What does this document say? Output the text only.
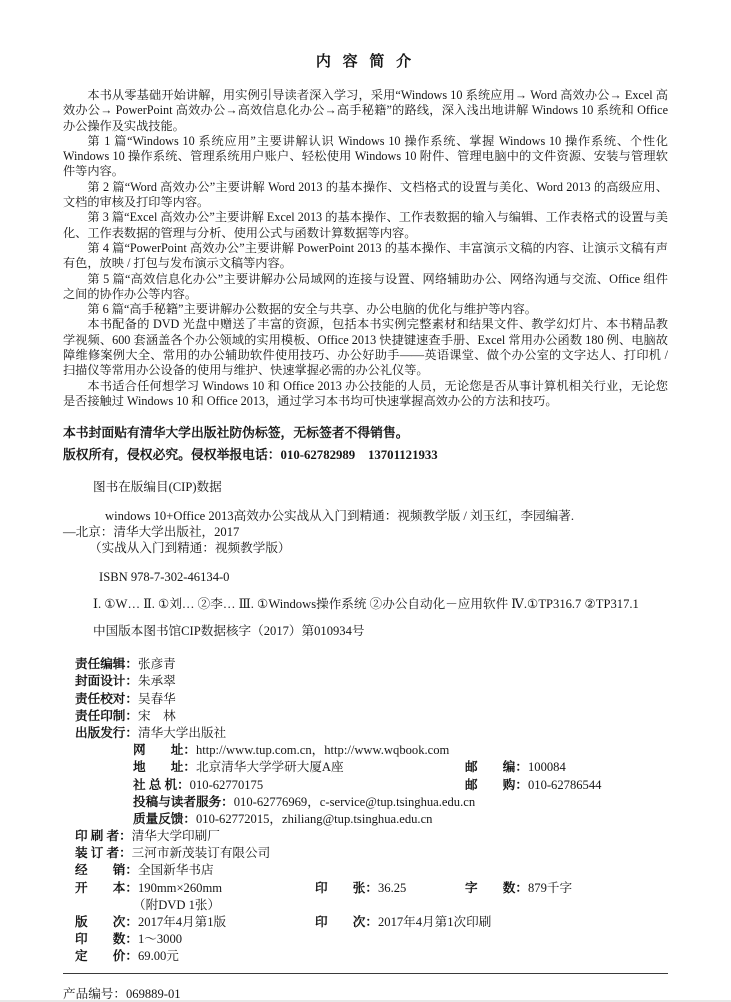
内 容 简 介

本书从零基础开始讲解，用实例引导读者深入学习，采用“Windows 10 系统应用→ Word 高效办公→ Excel 高效办公→ PowerPoint 高效办公→高效信息化办公→高手秘籍”的路线，深入浅出地讲解 Windows 10 系统和 Office 办公操作及实战技能。

第 1 篇“Windows 10 系统应用”主要讲解认识 Windows 10 操作系统、掌握 Windows 10 操作系统、个性化 Windows 10 操作系统、管理系统用户账户、轻松使用 Windows 10 附件、管理电脑中的文件资源、安装与管理软件等内容。

第 2 篇“Word 高效办公”主要讲解 Word 2013 的基本操作、文档格式的设置与美化、Word 2013 的高级应用、文档的审核及打印等内容。

第 3 篇“Excel 高效办公”主要讲解 Excel 2013 的基本操作、工作表数据的输入与编辑、工作表格式的设置与美化、工作表数据的管理与分析、使用公式与函数计算数据等内容。

第 4 篇“PowerPoint 高效办公”主要讲解 PowerPoint 2013 的基本操作、丰富演示文稿的内容、让演示文稿有声有色，放映 / 打包与发布演示文稿等内容。

第 5 篇“高效信息化办公”主要讲解办公局域网的连接与设置、网络辅助办公、网络沟通与交流、Office 组件之间的协作办公等内容。

第 6 篇“高手秘籍”主要讲解办公数据的安全与共享、办公电脑的优化与维护等内容。

本书配备的 DVD 光盘中赠送了丰富的资源，包括本书实例完整素材和结果文件、教学幻灯片、本书精品教学视频、600 套涵盖各个办公领域的实用模板、Office 2013 快捷键速查手册、Excel 常用办公函数 180 例、电脑故障维修案例大全、常用的办公辅助软件使用技巧、办公好助手——英语课堂、做个办公室的文字达人、打印机 / 扫描仪等常用办公设备的使用与维护、快速掌握必需的办公礼仪等。

本书适合任何想学习 Windows 10 和 Office 2013 办公技能的人员，无论您是否从事计算机相关行业，无论您是否接触过 Windows 10 和 Office 2013，通过学习本书均可快速掌握高效办公的方法和技巧。

本书封面贴有清华大学出版社防伪标签，无标签者不得销售。

版权所有，侵权必究。侵权举报电话：010-62782989　13701121933

图书在版编目(CIP)数据

windows 10+Office 2013高效办公实战从入门到精通：视频教学版 / 刘玉红，李园编著.

—北京：清华大学出版社，2017

（实战从入门到精通：视频教学版）

ISBN 978-7-302-46134-0

Ⅰ. ①W… Ⅱ. ①刘… ②李… Ⅲ. ①Windows操作系统 ②办公自动化－应用软件 Ⅳ.①TP316.7 ②TP317.1

中国版本图书馆CIP数据核字（2017）第010934号

责任编辑：张彦青
封面设计：朱承翠
责任校对：吴春华
责任印制：宋　林
出版发行：清华大学出版社
网　　址：http://www.tup.com.cn，http://www.wqbook.com
地　　址：北京清华大学学研大厦A座	邮　　编：100084
社 总 机：010-62770175	邮　　购：010-62786544
投稿与读者服务：010-62776969，c-service@tup.tsinghua.edu.cn
质量反馈：010-62772015，zhiliang@tup.tsinghua.edu.cn
印 刷 者：清华大学印刷厂
装 订 者：三河市新茂装订有限公司
经　　销：全国新华书店
开　　本：190mm×260mm	印　　张：36.25	字　　数：879千字
（附DVD 1张）
版　　次：2017年4月第1版	印　　次：2017年4月第1次印刷
印　　数：1～3000
定　　价：69.00元

产品编号：069889-01
